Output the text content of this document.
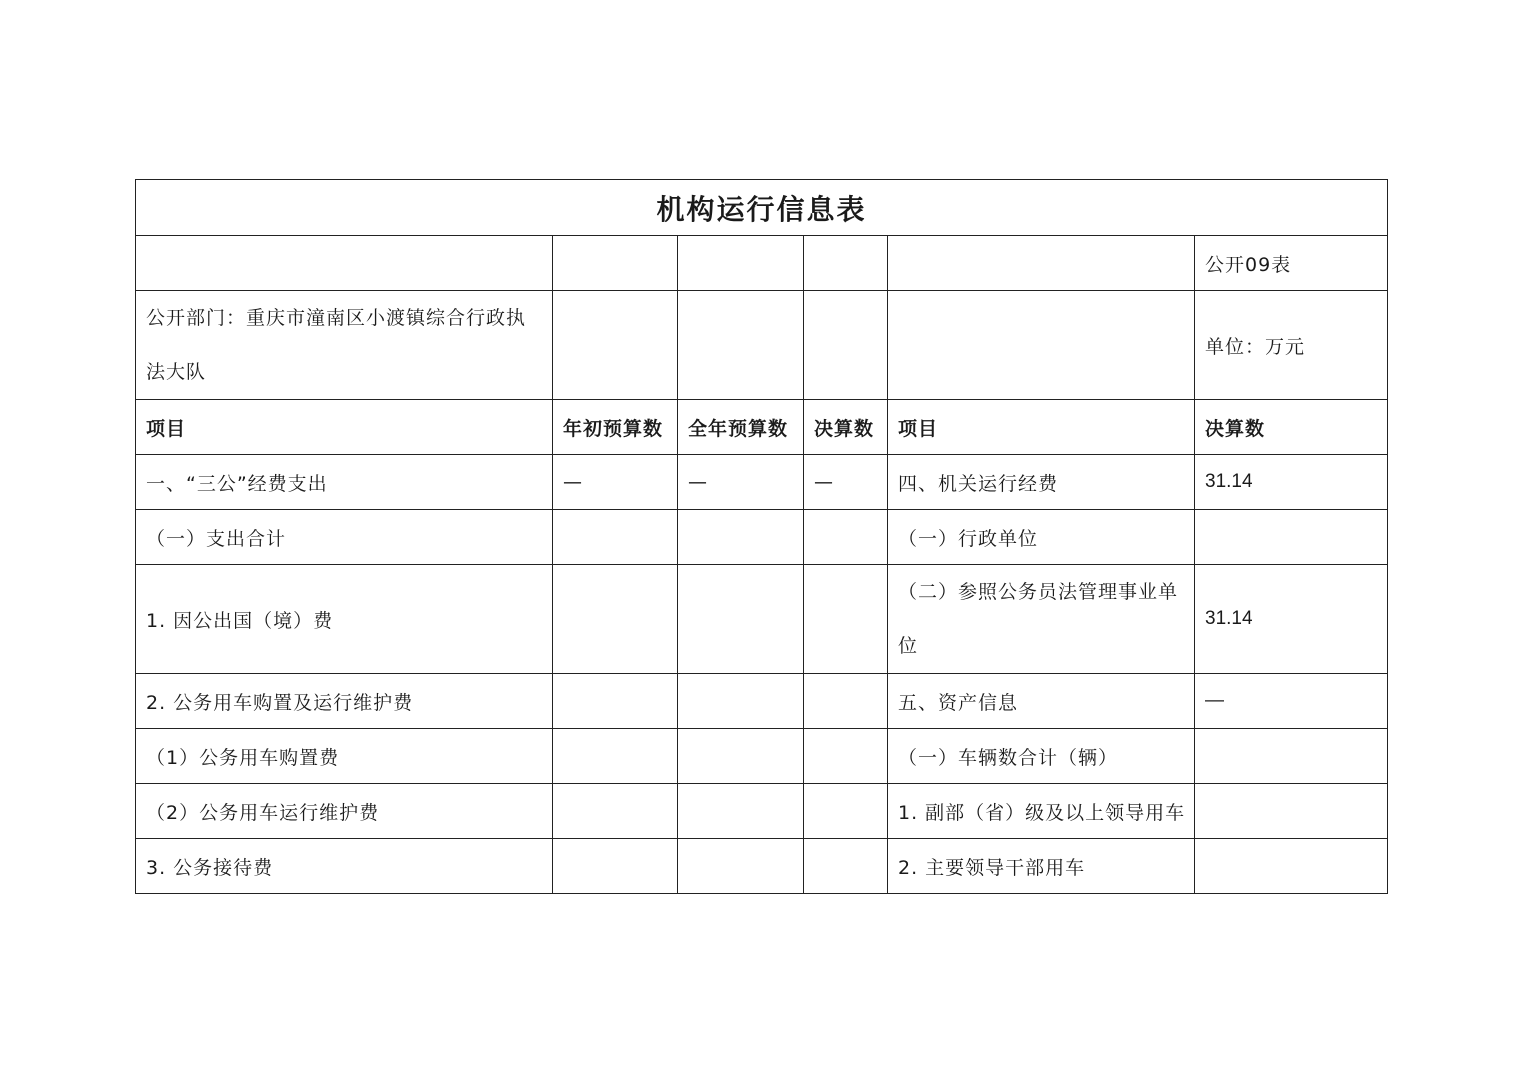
机构运行信息表					
					公开09表
公开部门：重庆市潼南区小渡镇综合行政执法大队					单位：万元
项目	年初预算数	全年预算数	决算数	项目	决算数
一、“三公”经费支出	—	—	—	四、机关运行经费	31.14
（一）支出合计				（一）行政单位	
1. 因公出国（境）费				（二）参照公务员法管理事业单位	31.14
2. 公务用车购置及运行维护费				五、资产信息	—
（1）公务用车购置费				（一）车辆数合计（辆）	
（2）公务用车运行维护费				1. 副部（省）级及以上领导用车	
3. 公务接待费				2. 主要领导干部用车	
